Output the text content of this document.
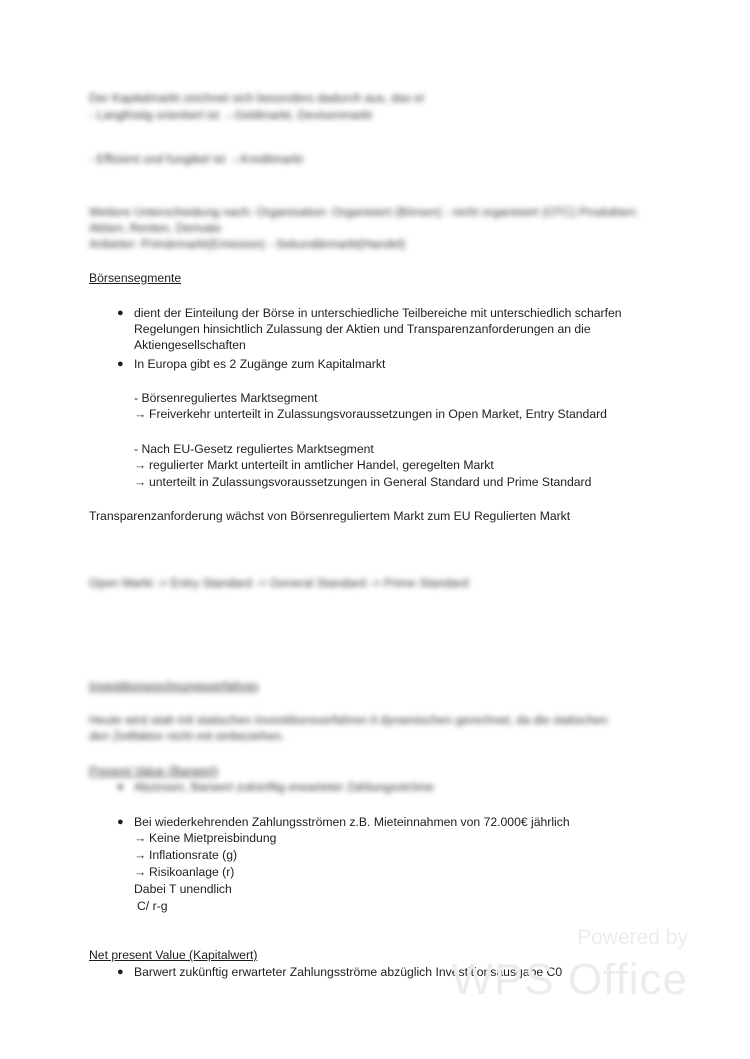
Der Kapitalmarkt zeichnet sich besonders dadurch aus, das er
- Langfristig orientiert ist →Geldmarkt, Devisenmarkt
- Effizient und fungibel ist →Kreditmarkt
Weitere Unterscheidung nach: Organisation: Organisiert (Börsen) - nicht organisiert (OTC) Produkten:
Aktien, Renten, Derivate
Anbieter: Primärmarkt(Emission) - Sekundärmarkt(Handel)
Börsensegmente
● dient der Einteilung der Börse in unterschiedliche Teilbereiche mit unterschiedlich scharfen
Regelungen hinsichtlich Zulassung der Aktien und Transparenzanforderungen an die
Aktiengesellschaften
● In Europa gibt es 2 Zugänge zum Kapitalmarkt
- Börsenreguliertes Marktsegment
→ Freiverkehr unterteilt in Zulassungsvoraussetzungen in Open Market, Entry Standard
- Nach EU-Gesetz reguliertes Marktsegment
→ regulierter Markt unterteilt in amtlicher Handel, geregelten Markt
→ unterteilt in Zulassungsvoraussetzungen in General Standard und Prime Standard
Transparenzanforderung wächst von Börsenreguliertem Markt zum EU Regulierten Markt
Open Markt -> Entry Standard -> General Standard -> Prime Standard
Investitionsrechnungsverfahren
Heute wird statt mit statischen Investitionsverfahren it dynamischen gerechnet, da die statischen
den Zeitfaktor nicht mit einbeziehen.
Present Value (Barwert)
● Abzinsen, Barwert zukünftig erwarteter Zahlungsströme
● Bei wiederkehrenden Zahlungsströmen z.B. Mieteinnahmen von 72.000€ jährlich
→ Keine Mietpreisbindung
→ Inflationsrate (g)
→ Risikoanlage (r)
Dabei T unendlich
C/ r-g
Net present Value (Kapitalwert)
● Barwert zukünftig erwarteter Zahlungsströme abzüglich Investitionsausgabe C0
Powered by
WPS Office
